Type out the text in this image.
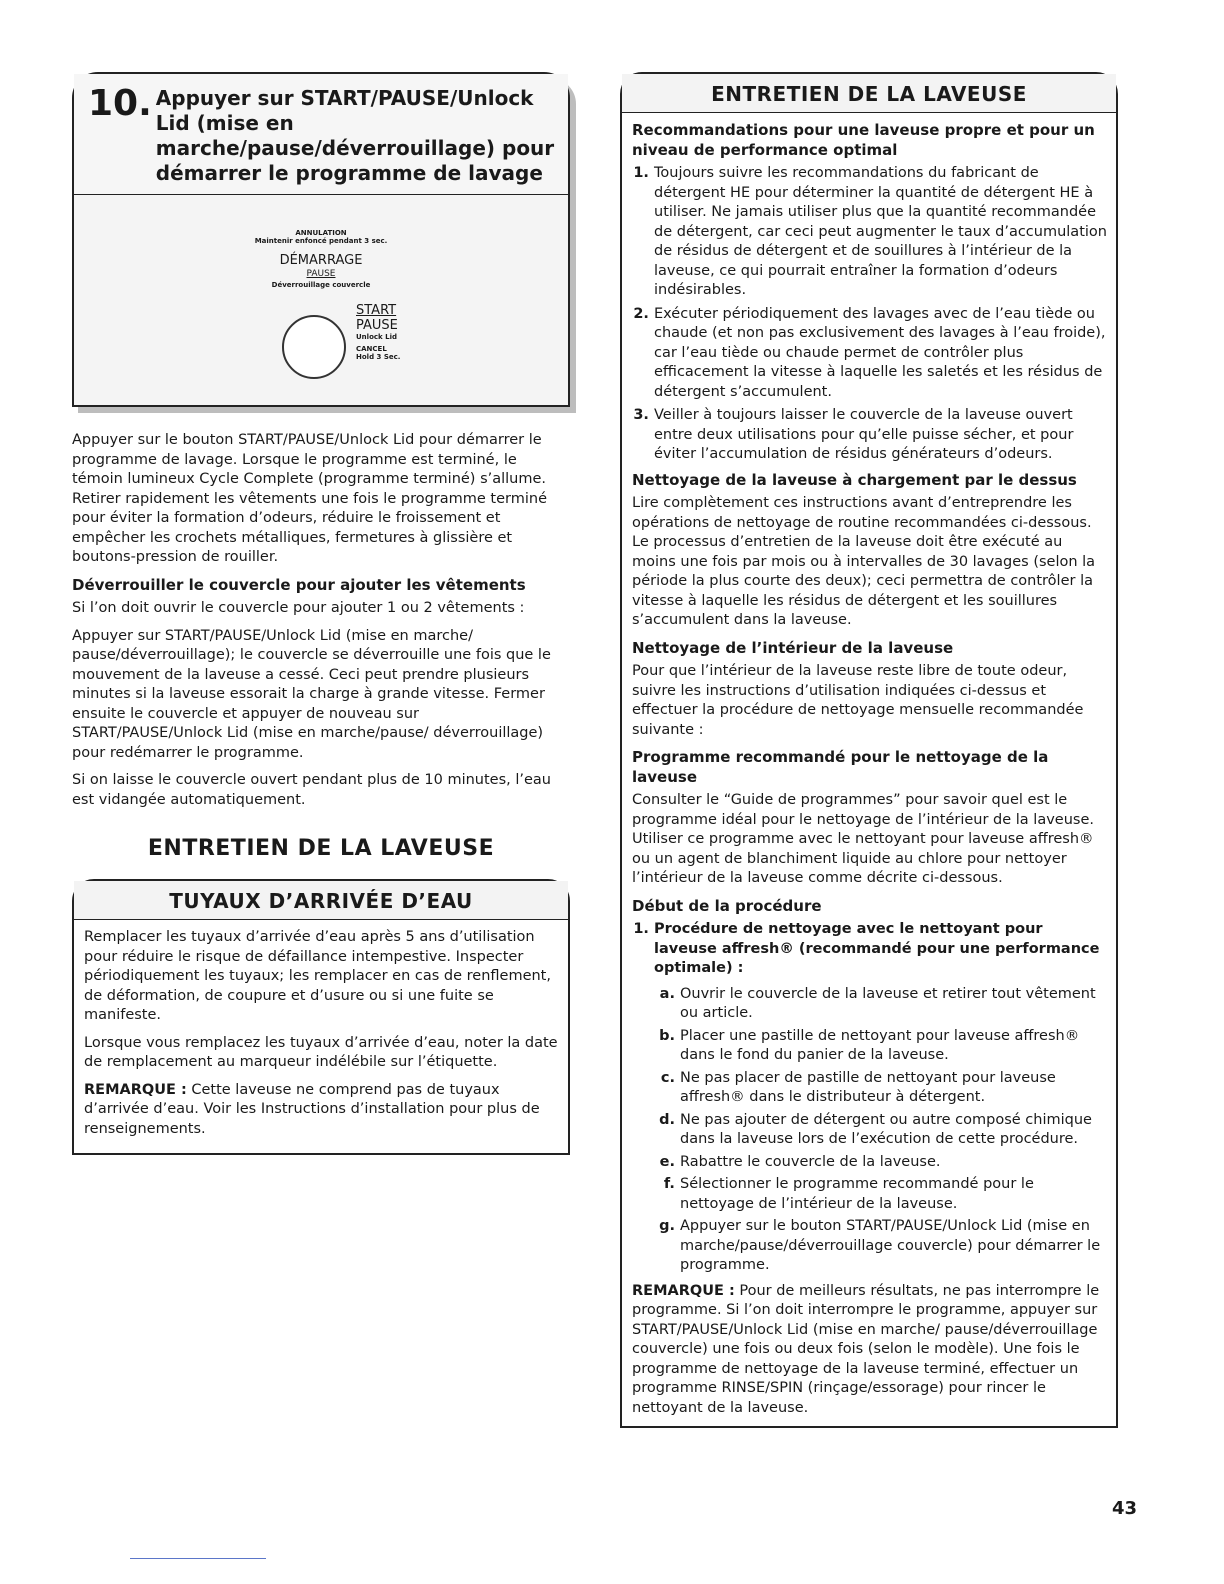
10. Appuyer sur START/PAUSE/Unlock Lid (mise en marche/pause/déverrouillage) pour démarrer le programme de lavage
ANNULATION
Maintenir enfoncé pendant 3 sec.
DÉMARRAGE
PAUSE
Déverrouillage couvercle
START
PAUSE
Unlock Lid
CANCEL
Hold 3 Sec.

Appuyer sur le bouton START/PAUSE/Unlock Lid pour démarrer le programme de lavage. Lorsque le programme est terminé, le témoin lumineux Cycle Complete (programme terminé) s’allume. Retirer rapidement les vêtements une fois le programme terminé pour éviter la formation d’odeurs, réduire le froissement et empêcher les crochets métalliques, fermetures à glissière et boutons-pression de rouiller.

Déverrouiller le couvercle pour ajouter les vêtements

Si l’on doit ouvrir le couvercle pour ajouter 1 ou 2 vêtements :

Appuyer sur START/PAUSE/Unlock Lid (mise en marche/ pause/déverrouillage); le couvercle se déverrouille une fois que le mouvement de la laveuse a cessé. Ceci peut prendre plusieurs minutes si la laveuse essorait la charge à grande vitesse. Fermer ensuite le couvercle et appuyer de nouveau sur START/PAUSE/Unlock Lid (mise en marche/pause/ déverrouillage) pour redémarrer le programme.

Si on laisse le couvercle ouvert pendant plus de 10 minutes, l’eau est vidangée automatiquement.

ENTRETIEN DE LA LAVEUSE
TUYAUX D’ARRIVÉE D’EAU

Remplacer les tuyaux d’arrivée d’eau après 5 ans d’utilisation pour réduire le risque de défaillance intempestive. Inspecter périodiquement les tuyaux; les remplacer en cas de renflement, de déformation, de coupure et d’usure ou si une fuite se manifeste.

Lorsque vous remplacez les tuyaux d’arrivée d’eau, noter la date de remplacement au marqueur indélébile sur l’étiquette.

REMARQUE : Cette laveuse ne comprend pas de tuyaux d’arrivée d’eau. Voir les Instructions d’installation pour plus de renseignements.

ENTRETIEN DE LA LAVEUSE
Recommandations pour une laveuse propre et pour un niveau de performance optimal
1. Toujours suivre les recommandations du fabricant de détergent HE pour déterminer la quantité de détergent HE à utiliser. Ne jamais utiliser plus que la quantité recommandée de détergent, car ceci peut augmenter le taux d’accumulation de résidus de détergent et de souillures à l’intérieur de la laveuse, ce qui pourrait entraîner la formation d’odeurs indésirables.
2. Exécuter périodiquement des lavages avec de l’eau tiède ou chaude (et non pas exclusivement des lavages à l’eau froide), car l’eau tiède ou chaude permet de contrôler plus efficacement la vitesse à laquelle les saletés et les résidus de détergent s’accumulent.
3. Veiller à toujours laisser le couvercle de la laveuse ouvert entre deux utilisations pour qu’elle puisse sécher, et pour éviter l’accumulation de résidus générateurs d’odeurs.
Nettoyage de la laveuse à chargement par le dessus

Lire complètement ces instructions avant d’entreprendre les opérations de nettoyage de routine recommandées ci-dessous. Le processus d’entretien de la laveuse doit être exécuté au moins une fois par mois ou à intervalles de 30 lavages (selon la période la plus courte des deux); ceci permettra de contrôler la vitesse à laquelle les résidus de détergent et les souillures s’accumulent dans la laveuse.

Nettoyage de l’intérieur de la laveuse

Pour que l’intérieur de la laveuse reste libre de toute odeur, suivre les instructions d’utilisation indiquées ci-dessus et effectuer la procédure de nettoyage mensuelle recommandée suivante :

Programme recommandé pour le nettoyage de la laveuse

Consulter le “Guide de programmes” pour savoir quel est le programme idéal pour le nettoyage de l’intérieur de la laveuse. Utiliser ce programme avec le nettoyant pour laveuse affresh® ou un agent de blanchiment liquide au chlore pour nettoyer l’intérieur de la laveuse comme décrite ci-dessous.

Début de la procédure
1. Procédure de nettoyage avec le nettoyant pour laveuse affresh® (recommandé pour une performance optimale) :
a. Ouvrir le couvercle de la laveuse et retirer tout vêtement ou article.
b. Placer une pastille de nettoyant pour laveuse affresh® dans le fond du panier de la laveuse.
c. Ne pas placer de pastille de nettoyant pour laveuse affresh® dans le distributeur à détergent.
d. Ne pas ajouter de détergent ou autre composé chimique dans la laveuse lors de l’exécution de cette procédure.
e. Rabattre le couvercle de la laveuse.
f. Sélectionner le programme recommandé pour le nettoyage de l’intérieur de la laveuse.
g. Appuyer sur le bouton START/PAUSE/Unlock Lid (mise en marche/pause/déverrouillage couvercle) pour démarrer le programme.

REMARQUE : Pour de meilleurs résultats, ne pas interrompre le programme. Si l’on doit interrompre le programme, appuyer sur START/PAUSE/Unlock Lid (mise en marche/ pause/déverrouillage couvercle) une fois ou deux fois (selon le modèle). Une fois le programme de nettoyage de la laveuse terminé, effectuer un programme RINSE/SPIN (rinçage/essorage) pour rincer le nettoyant de la laveuse.

43
